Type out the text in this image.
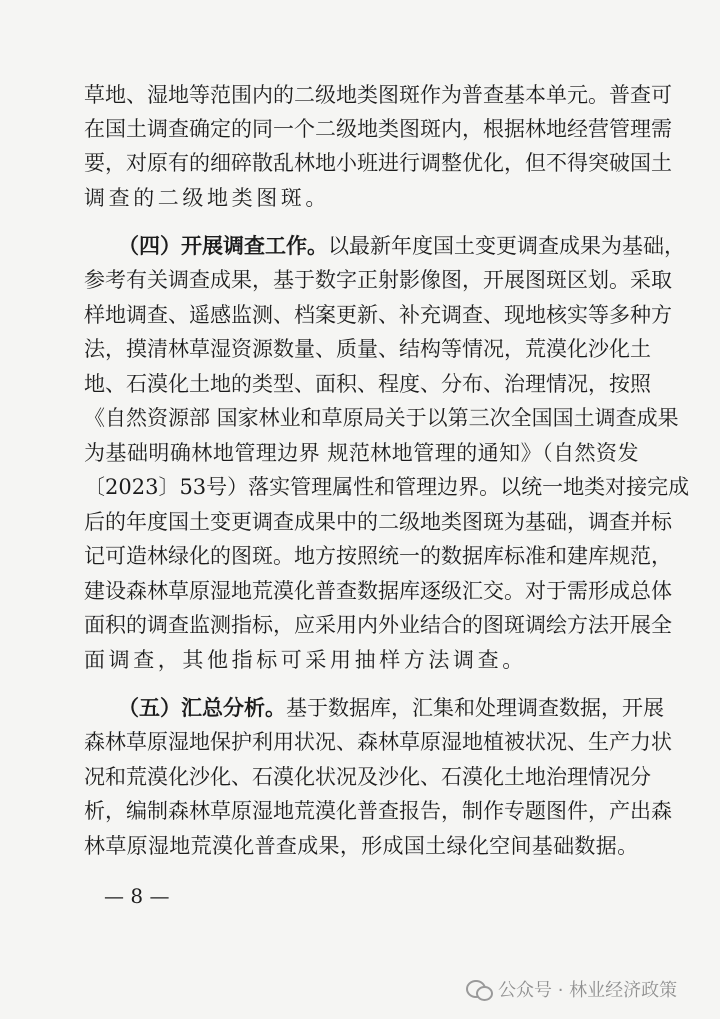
草地、湿地等范围内的二级地类图斑作为普查基本单元。普查可
在国土调查确定的同一个二级地类图斑内，根据林地经营管理需
要，对原有的细碎散乱林地小班进行调整优化，但不得突破国土
调查的二级地类图斑。
（四）开展调查工作。以最新年度国土变更调查成果为基础，
参考有关调查成果，基于数字正射影像图，开展图斑区划。采取
样地调查、遥感监测、档案更新、补充调查、现地核实等多种方
法，摸清林草湿资源数量、质量、结构等情况，荒漠化沙化土
地、石漠化土地的类型、面积、程度、分布、治理情况，按照
《自然资源部 国家林业和草原局关于以第三次全国国土调查成果
为基础明确林地管理边界 规范林地管理的通知》（自然资发
〔2023〕53号）落实管理属性和管理边界。以统一地类对接完成
后的年度国土变更调查成果中的二级地类图斑为基础，调查并标
记可造林绿化的图斑。地方按照统一的数据库标准和建库规范，
建设森林草原湿地荒漠化普查数据库逐级汇交。对于需形成总体
面积的调查监测指标，应采用内外业结合的图斑调绘方法开展全
面调查，其他指标可采用抽样方法调查。
（五）汇总分析。基于数据库，汇集和处理调查数据，开展
森林草原湿地保护利用状况、森林草原湿地植被状况、生产力状
况和荒漠化沙化、石漠化状况及沙化、石漠化土地治理情况分
析，编制森林草原湿地荒漠化普查报告，制作专题图件，产出森
林草原湿地荒漠化普查成果，形成国土绿化空间基础数据。
— 8 —
公众号 · 林业经济政策
